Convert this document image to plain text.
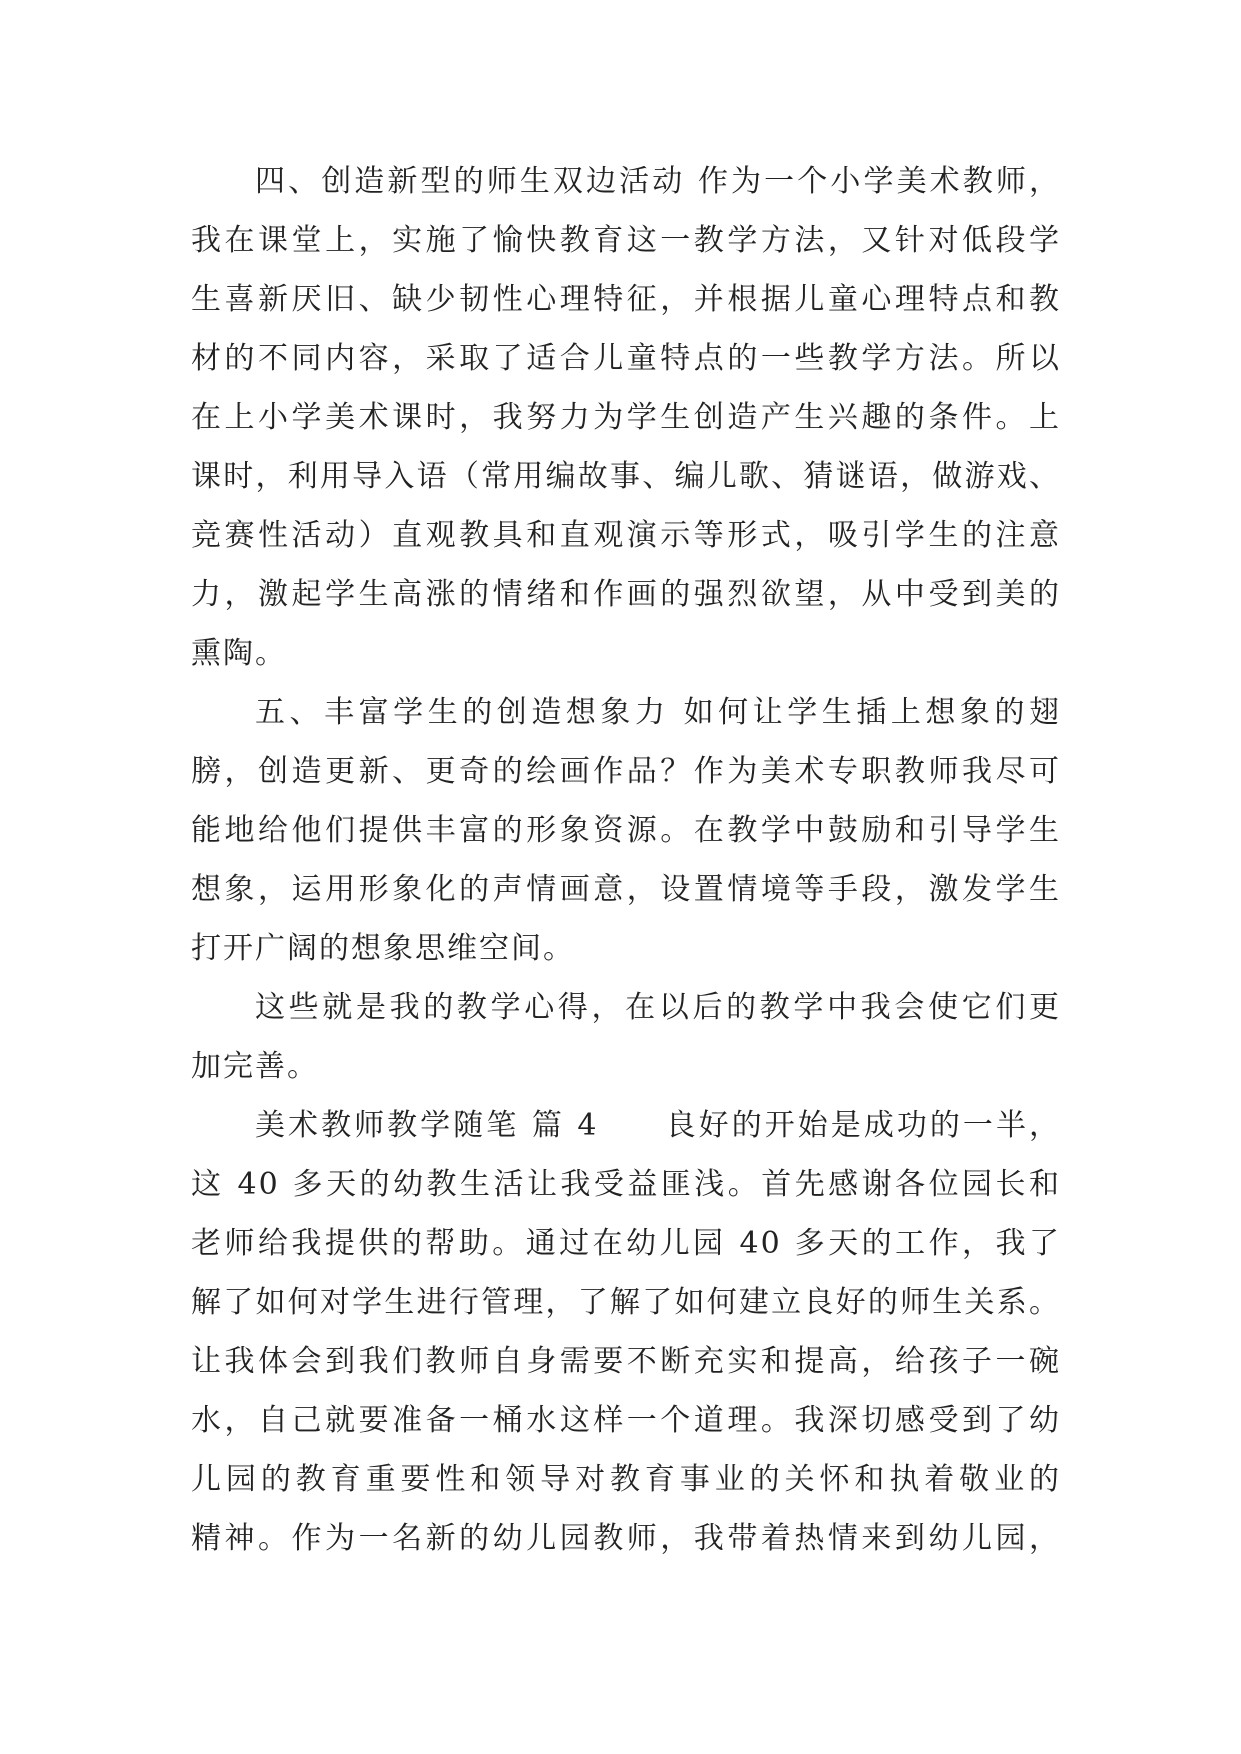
四、创造新型的师生双边活动 作为一个小学美术教师，
我在课堂上，实施了愉快教育这一教学方法，又针对低段学
生喜新厌旧、缺少韧性心理特征，并根据儿童心理特点和教
材的不同内容，采取了适合儿童特点的一些教学方法。所以
在上小学美术课时，我努力为学生创造产生兴趣的条件。上
课时，利用导入语（常用编故事、编儿歌、猜谜语，做游戏、
竞赛性活动）直观教具和直观演示等形式，吸引学生的注意
力，激起学生高涨的情绪和作画的强烈欲望，从中受到美的
熏陶。
五、丰富学生的创造想象力 如何让学生插上想象的翅
膀，创造更新、更奇的绘画作品？作为美术专职教师我尽可
能地给他们提供丰富的形象资源。在教学中鼓励和引导学生
想象，运用形象化的声情画意，设置情境等手段，激发学生
打开广阔的想象思维空间。
这些就是我的教学心得，在以后的教学中我会使它们更
加完善。
美术教师教学随笔 篇 4　　良好的开始是成功的一半，
这 40 多天的幼教生活让我受益匪浅。首先感谢各位园长和
老师给我提供的帮助。通过在幼儿园 40 多天的工作，我了
解了如何对学生进行管理，了解了如何建立良好的师生关系。
让我体会到我们教师自身需要不断充实和提高，给孩子一碗
水，自己就要准备一桶水这样一个道理。我深切感受到了幼
儿园的教育重要性和领导对教育事业的关怀和执着敬业的
精神。作为一名新的幼儿园教师，我带着热情来到幼儿园，
